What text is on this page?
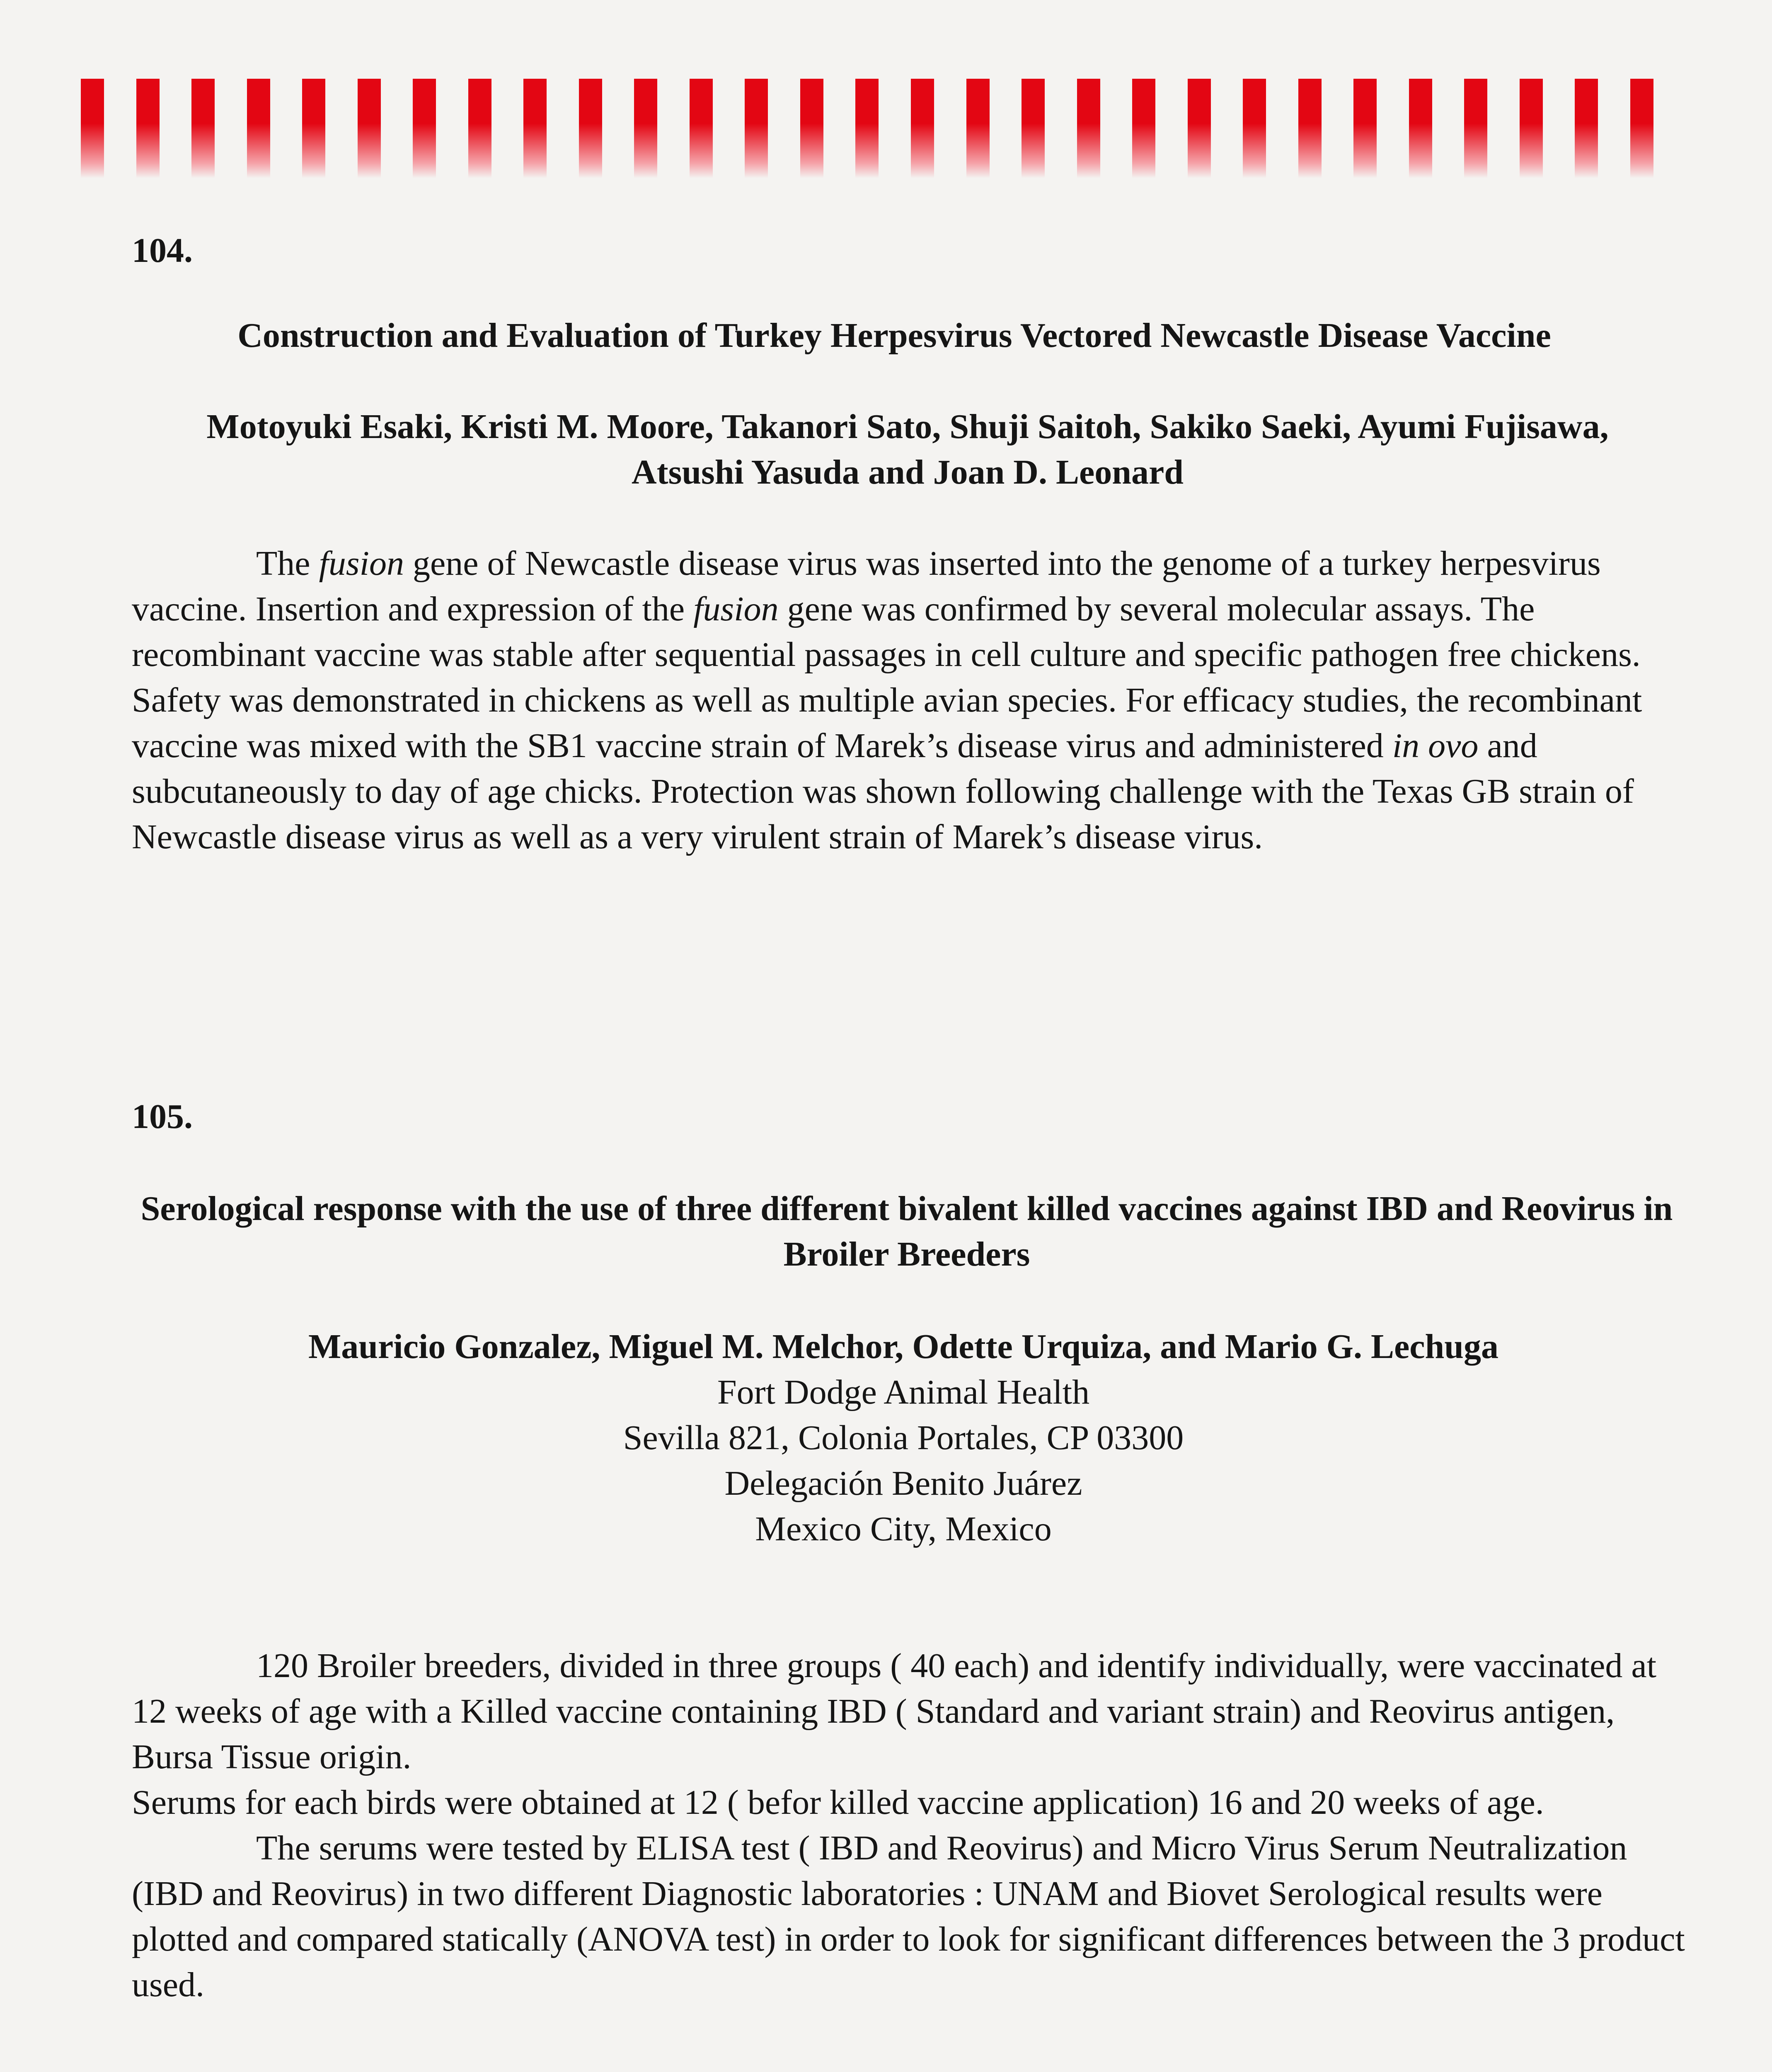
104.
Construction and Evaluation of Turkey Herpesvirus Vectored Newcastle Disease Vaccine
Motoyuki Esaki, Kristi M. Moore, Takanori Sato, Shuji Saitoh, Sakiko Saeki, Ayumi Fujisawa, Atsushi Yasuda and Joan D. Leonard

The fusion gene of Newcastle disease virus was inserted into the genome of a turkey herpesvirus vaccine. Insertion and expression of the fusion gene was confirmed by several molecular assays. The recombinant vaccine was stable after sequential passages in cell culture and specific pathogen free chickens. Safety was demonstrated in chickens as well as multiple avian species. For efficacy studies, the recombinant vaccine was mixed with the SB1 vaccine strain of Marek’s disease virus and administered in ovo and subcutaneously to day of age chicks. Protection was shown following challenge with the Texas GB strain of Newcastle disease virus as well as a very virulent strain of Marek’s disease virus.

105.
Serological response with the use of three different bivalent killed vaccines against IBD and Reovirus in Broiler Breeders
Mauricio Gonzalez, Miguel M. Melchor, Odette Urquiza, and Mario G. Lechuga
Fort Dodge Animal Health
Sevilla 821, Colonia Portales, CP 03300
Delegación Benito Juárez
Mexico City, Mexico

120 Broiler breeders, divided in three groups ( 40 each) and identify individually, were vaccinated at 12 weeks of age with a Killed vaccine containing IBD ( Standard and variant strain) and Reovirus antigen, Bursa Tissue origin.

Serums for each birds were obtained at 12 ( befor killed vaccine application) 16 and 20 weeks of age.

The serums were tested by ELISA test ( IBD and Reovirus) and Micro Virus Serum Neutralization (IBD and Reovirus) in two different Diagnostic laboratories : UNAM and Biovet Serological results were plotted and compared statically (ANOVA test) in order to look for significant differences between the 3 product used.
